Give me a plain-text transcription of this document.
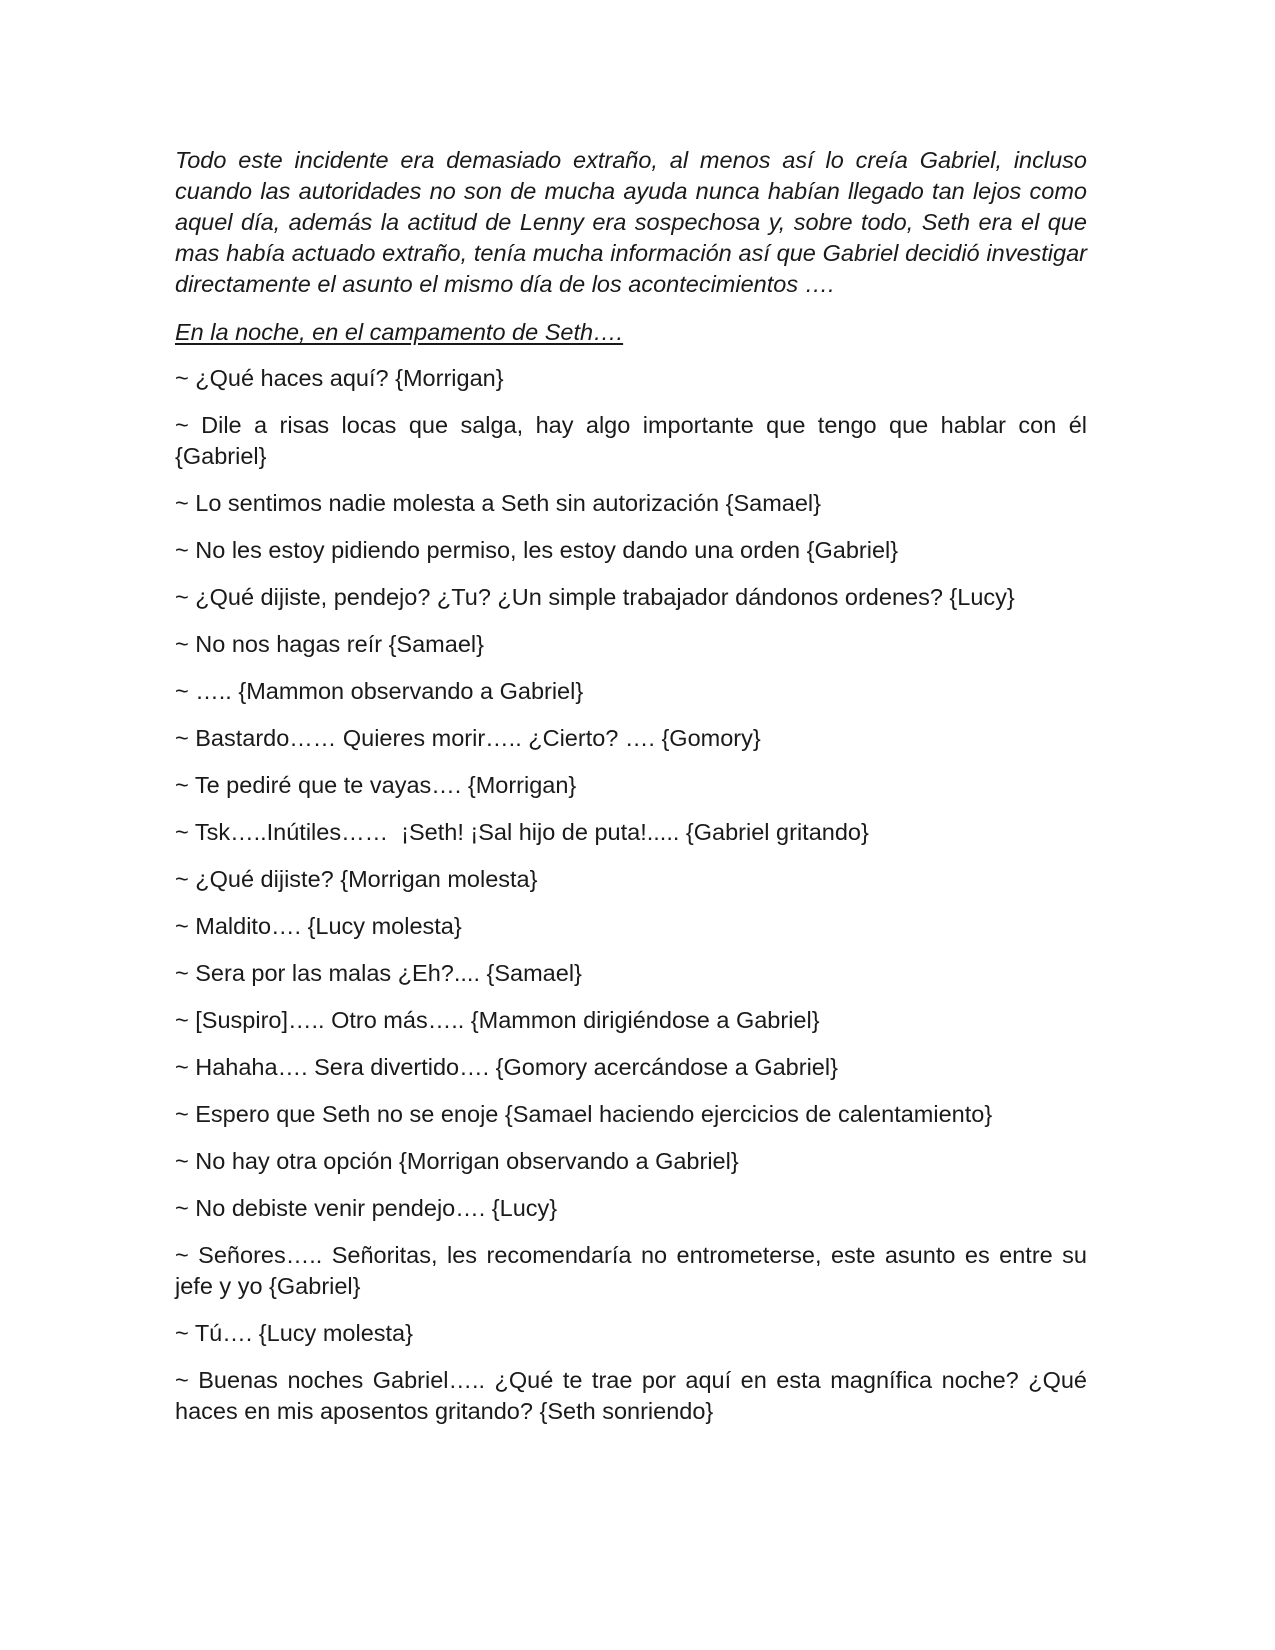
Todo este incidente era demasiado extraño, al menos así lo creía Gabriel, incluso cuando las autoridades no son de mucha ayuda nunca habían llegado tan lejos como aquel día, además la actitud de Lenny era sospechosa y, sobre todo, Seth era el que mas había actuado extraño, tenía mucha información así que Gabriel decidió investigar directamente el asunto el mismo día de los acontecimientos ….

En la noche, en el campamento de Seth….

~ ¿Qué haces aquí? {Morrigan}
~ Dile a risas locas que salga, hay algo importante que tengo que hablar con él {Gabriel}
~ Lo sentimos nadie molesta a Seth sin autorización {Samael}
~ No les estoy pidiendo permiso, les estoy dando una orden {Gabriel}
~ ¿Qué dijiste, pendejo? ¿Tu? ¿Un simple trabajador dándonos ordenes? {Lucy}
~ No nos hagas reír {Samael}
~ ….. {Mammon observando a Gabriel}
~ Bastardo…… Quieres morir….. ¿Cierto? …. {Gomory}
~ Te pediré que te vayas…. {Morrigan}
~ Tsk…..Inútiles……  ¡Seth! ¡Sal hijo de puta!..... {Gabriel gritando}
~ ¿Qué dijiste? {Morrigan molesta}
~ Maldito…. {Lucy molesta}
~ Sera por las malas ¿Eh?.... {Samael}
~ [Suspiro]….. Otro más….. {Mammon dirigiéndose a Gabriel}
~ Hahaha…. Sera divertido…. {Gomory acercándose a Gabriel}
~ Espero que Seth no se enoje {Samael haciendo ejercicios de calentamiento}
~ No hay otra opción {Morrigan observando a Gabriel}
~ No debiste venir pendejo…. {Lucy}
~ Señores….. Señoritas, les recomendaría no entrometerse, este asunto es entre su jefe y yo {Gabriel}
~ Tú…. {Lucy molesta}
~ Buenas noches Gabriel….. ¿Qué te trae por aquí en esta magnífica noche? ¿Qué haces en mis aposentos gritando? {Seth sonriendo}
